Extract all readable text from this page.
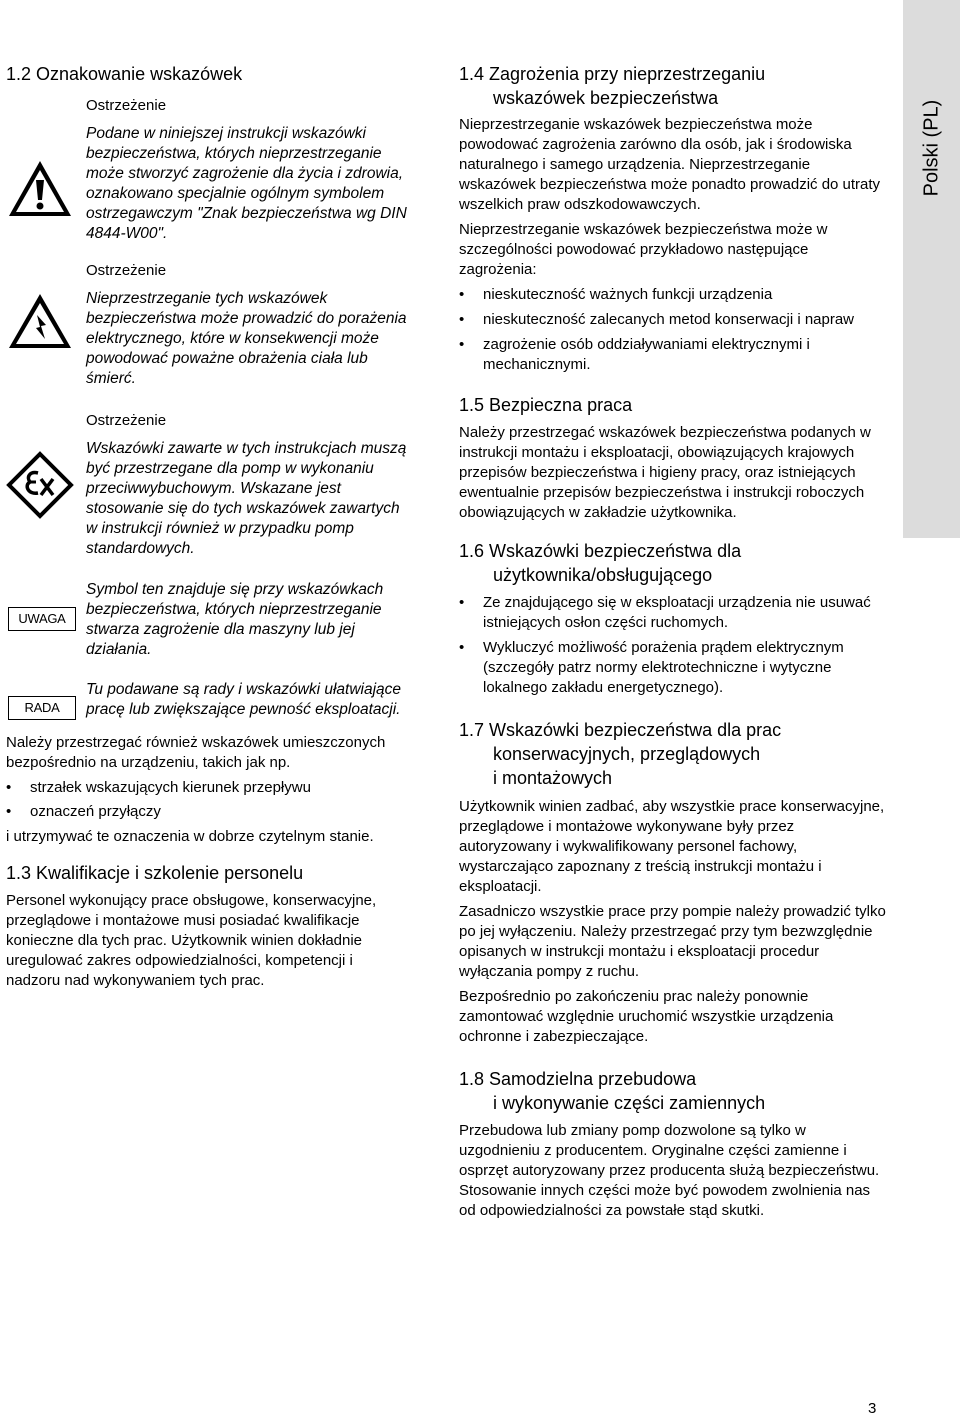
Polski (PL)
1.2 Oznakowanie wskazówek

Ostrzeżenie

Podane w niniejszej instrukcji wskazówki bezpieczeństwa, których nieprzestrzeganie może stworzyć zagrożenie dla życia i zdrowia, oznakowano specjalnie ogólnym symbolem ostrzegawczym "Znak bezpieczeństwa wg DIN 4844-W00".

Ostrzeżenie

Nieprzestrzeganie tych wskazówek bezpieczeństwa może prowadzić do porażenia elektrycznego, które w konsekwencji może powodować poważne obrażenia ciała lub śmierć.

Ostrzeżenie

Wskazówki zawarte w tych instrukcjach muszą być przestrzegane dla pomp w wykonaniu przeciwwybuchowym. Wskazane jest stosowanie się do tych wskazówek zawartych w instrukcji również w przypadku pomp standardowych.

UWAGA

Symbol ten znajduje się przy wskazówkach bezpieczeństwa, których nieprzestrzeganie stwarza zagrożenie dla maszyny lub jej działania.

RADA

Tu podawane są rady i wskazówki ułatwiające pracę lub zwiększające pewność eksploatacji.

Należy przestrzegać również wskazówek umieszczonych bezpośrednio na urządzeniu, takich jak np.

• strzałek wskazujących kierunek przepływu
• oznaczeń przyłączy

i utrzymywać te oznaczenia w dobrze czytelnym stanie.

1.3 Kwalifikacje i szkolenie personelu

Personel wykonujący prace obsługowe, konserwacyjne, przeglądowe i montażowe musi posiadać kwalifikacje konieczne dla tych prac. Użytkownik winien dokładnie uregulować zakres odpowiedzialności, kompetencji i nadzoru nad wykonywaniem tych prac.

1.4 Zagrożenia przy nieprzestrzeganiu
wskazówek bezpieczeństwa

Nieprzestrzeganie wskazówek bezpieczeństwa może powodować zagrożenia zarówno dla osób, jak i środowiska naturalnego i samego urządzenia. Nieprzestrzeganie wskazówek bezpieczeństwa może ponadto prowadzić do utraty wszelkich praw odszkodowawczych.

Nieprzestrzeganie wskazówek bezpieczeństwa może w szczególności powodować przykładowo następujące zagrożenia:

• nieskuteczność ważnych funkcji urządzenia
• nieskuteczność zalecanych metod konserwacji i napraw
• zagrożenie osób oddziaływaniami elektrycznymi i mechanicznymi.
1.5 Bezpieczna praca

Należy przestrzegać wskazówek bezpieczeństwa podanych w instrukcji montażu i eksploatacji, obowiązujących krajowych przepisów bezpieczeństwa i higieny pracy, oraz istniejących ewentualnie przepisów bezpieczeństwa i instrukcji roboczych obowiązujących w zakładzie użytkownika.

1.6 Wskazówki bezpieczeństwa dla
użytkownika/obsługującego
• Ze znajdującego się w eksploatacji urządzenia nie usuwać istniejących osłon części ruchomych.
• Wykluczyć możliwość porażenia prądem elektrycznym (szczegóły patrz normy elektrotechniczne i wytyczne lokalnego zakładu energetycznego).
1.7 Wskazówki bezpieczeństwa dla prac
konserwacyjnych, przeglądowych
i montażowych

Użytkownik winien zadbać, aby wszystkie prace konserwacyjne, przeglądowe i montażowe wykonywane były przez autoryzowany i wykwalifikowany personel fachowy, wystarczająco zapoznany z treścią instrukcji montażu i eksploatacji.

Zasadniczo wszystkie prace przy pompie należy prowadzić tylko po jej wyłączeniu. Należy przestrzegać przy tym bezwzględnie opisanych w instrukcji montażu i eksploatacji procedur wyłączania pompy z ruchu.

Bezpośrednio po zakończeniu prac należy ponownie zamontować względnie uruchomić wszystkie urządzenia ochronne i zabezpieczające.

1.8 Samodzielna przebudowa
i wykonywanie części zamiennych

Przebudowa lub zmiany pomp dozwolone są tylko w uzgodnieniu z producentem. Oryginalne części zamienne i osprzęt autoryzowany przez producenta służą bezpieczeństwu. Stosowanie innych części może być powodem zwolnienia nas od odpowiedzialności za powstałe stąd skutki.

3
